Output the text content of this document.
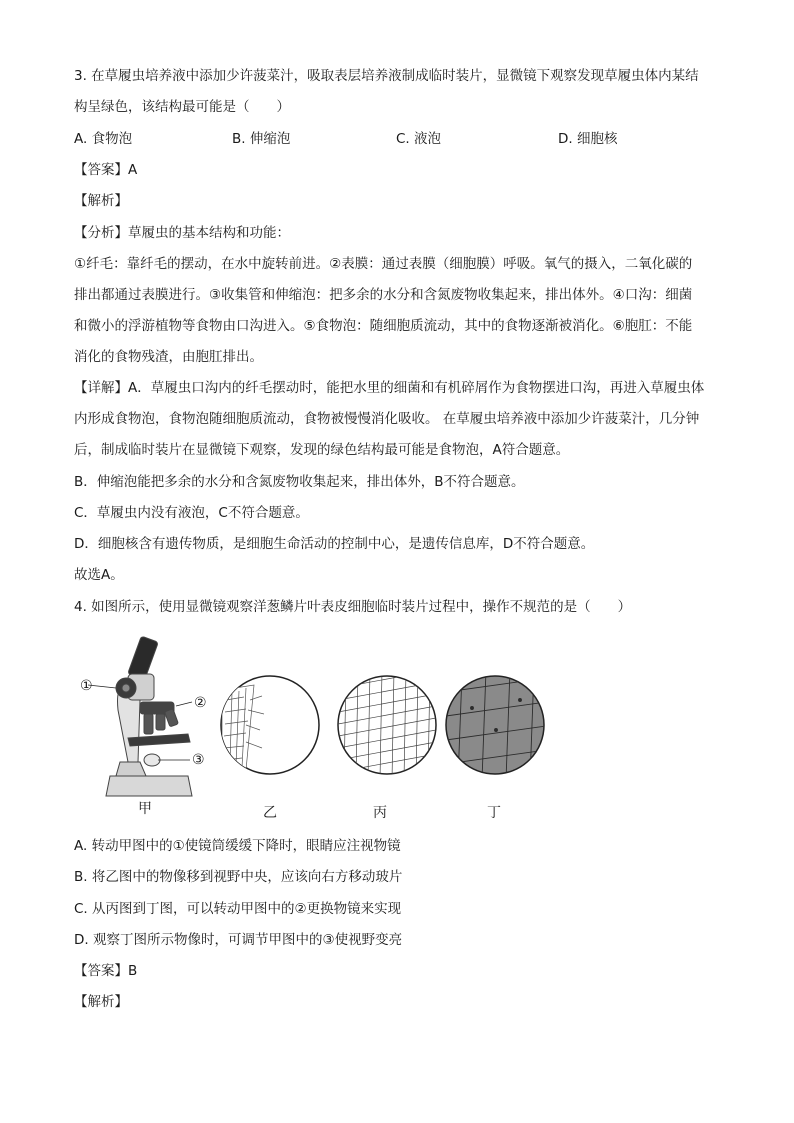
3. 在草履虫培养液中添加少许菠菜汁，吸取表层培养液制成临时装片，显微镜下观察发现草履虫体内某结
构呈绿色，该结构最可能是（　　）
A. 食物泡	B. 伸缩泡	C. 液泡	D. 细胞核
【答案】A
【解析】
【分析】草履虫的基本结构和功能：
①纤毛：靠纤毛的摆动，在水中旋转前进。②表膜：通过表膜（细胞膜）呼吸。氧气的摄入，二氧化碳的
排出都通过表膜进行。③收集管和伸缩泡：把多余的水分和含氮废物收集起来，排出体外。④口沟：细菌
和微小的浮游植物等食物由口沟进入。⑤食物泡：随细胞质流动，其中的食物逐渐被消化。⑥胞肛：不能
消化的食物残渣，由胞肛排出。
【详解】A．草履虫口沟内的纤毛摆动时，能把水里的细菌和有机碎屑作为食物摆进口沟，再进入草履虫体
内形成食物泡，食物泡随细胞质流动，食物被慢慢消化吸收。 在草履虫培养液中添加少许菠菜汁，几分钟
后，制成临时装片在显微镜下观察，发现的绿色结构最可能是食物泡，A符合题意。
B．伸缩泡能把多余的水分和含氮废物收集起来，排出体外，B不符合题意。
C．草履虫内没有液泡，C不符合题意。
D．细胞核含有遗传物质，是细胞生命活动的控制中心，是遗传信息库，D不符合题意。
故选A。
4. 如图所示，使用显微镜观察洋葱鳞片叶表皮细胞临时装片过程中，操作不规范的是（　　）
①
②
③
甲	乙	丙	丁
A. 转动甲图中的①使镜筒缓缓下降时，眼睛应注视物镜
B. 将乙图中的物像移到视野中央，应该向右方移动玻片
C. 从丙图到丁图，可以转动甲图中的②更换物镜来实现
D. 观察丁图所示物像时，可调节甲图中的③使视野变亮
【答案】B
【解析】
